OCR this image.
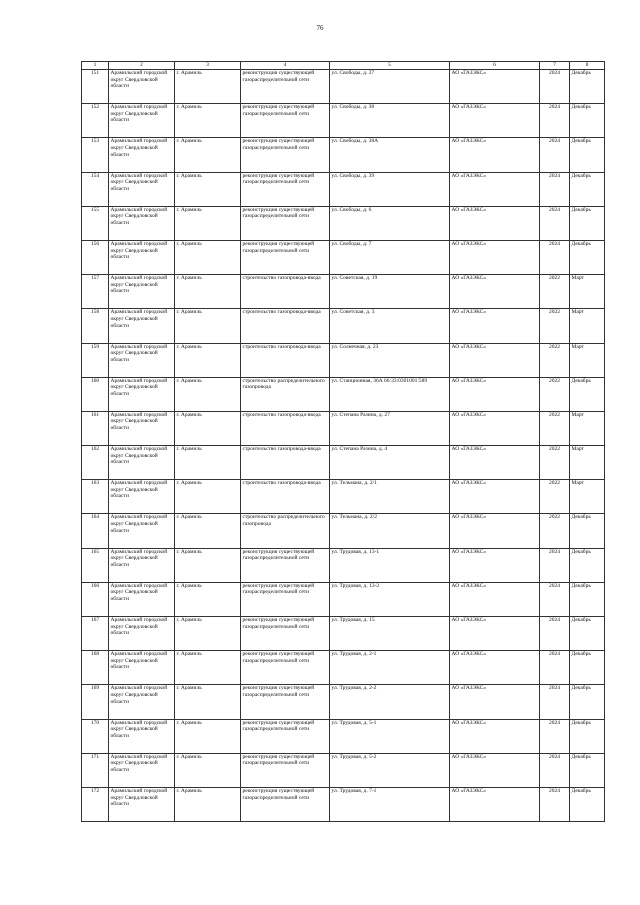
76
1	2	3	4	5	6	7	8
151	Арамильский городской округ Свердловской области	г. Арамиль	реконструкция существующей газораспределительной сети	ул. Свободы, д. 37	АО «ГАЗЭКС»	2024	Декабрь
152	Арамильский городской округ Свердловской области	г. Арамиль	реконструкция существующей газораспределительной сети	ул. Свободы, д. 38	АО «ГАЗЭКС»	2024	Декабрь
153	Арамильский городской округ Свердловской области	г. Арамиль	реконструкция существующей газораспределительной сети	ул. Свободы, д. 38А	АО «ГАЗЭКС»	2024	Декабрь
154	Арамильский городской округ Свердловской области	г. Арамиль	реконструкция существующей газораспределительной сети	ул. Свободы, д. 39	АО «ГАЗЭКС»	2024	Декабрь
155	Арамильский городской округ Свердловской области	г. Арамиль	реконструкция существующей газораспределительной сети	ул. Свободы, д. 6	АО «ГАЗЭКС»	2024	Декабрь
156	Арамильский городской округ Свердловской области	г. Арамиль	реконструкция существующей газораспределительной сети	ул. Свободы, д. 7	АО «ГАЗЭКС»	2024	Декабрь
157	Арамильский городской округ Свердловской области	г. Арамиль	строительство газопровода-ввода	ул. Советская, д. 19	АО «ГАЗЭКС»	2022	Март
158	Арамильский городской округ Свердловской области	г. Арамиль	строительство газопровода-ввода	ул. Советская, д. 3	АО «ГАЗЭКС»	2022	Март
159	Арамильский городской округ Свердловской области	г. Арамиль	строительство газопровода-ввода	ул. Солнечная, д. 23	АО «ГАЗЭКС»	2022	Март
160	Арамильский городской округ Свердловской области	г. Арамиль	строительство распределительного газопровода	ул. Станционная, 36А 66:33:0301001:589	АО «ГАЗЭКС»	2022	Декабрь
161	Арамильский городской округ Свердловской области	г. Арамиль	строительство газопровода-ввода	ул. Степана Разина, д. 27	АО «ГАЗЭКС»	2022	Март
162	Арамильский городской округ Свердловской области	г. Арамиль	строительство газопровода-ввода	ул. Степана Разина, д. 4	АО «ГАЗЭКС»	2022	Март
163	Арамильский городской округ Свердловской области	г. Арамиль	строительство газопровода-ввода	ул. Тельмана, д. 2/1	АО «ГАЗЭКС»	2022	Март
164	Арамильский городской округ Свердловской области	г. Арамиль	строительство распределительного газопровода	ул. Тельмана, д. 2/2	АО «ГАЗЭКС»	2022	Декабрь
165	Арамильский городской округ Свердловской области	г. Арамиль	реконструкция существующей газораспределительной сети	ул. Трудовая, д. 13-1	АО «ГАЗЭКС»	2024	Декабрь
166	Арамильский городской округ Свердловской области	г. Арамиль	реконструкция существующей газораспределительной сети	ул. Трудовая, д. 13-2	АО «ГАЗЭКС»	2024	Декабрь
167	Арамильский городской округ Свердловской области	г. Арамиль	реконструкция существующей газораспределительной сети	ул. Трудовая, д. 15	АО «ГАЗЭКС»	2024	Декабрь
168	Арамильский городской округ Свердловской области	г. Арамиль	реконструкция существующей газораспределительной сети	ул. Трудовая, д. 2-1	АО «ГАЗЭКС»	2024	Декабрь
169	Арамильский городской округ Свердловской области	г. Арамиль	реконструкция существующей газораспределительной сети	ул. Трудовая, д. 2-2	АО «ГАЗЭКС»	2024	Декабрь
170	Арамильский городской округ Свердловской области	г. Арамиль	реконструкция существующей газораспределительной сети	ул. Трудовая, д. 5-1	АО «ГАЗЭКС»	2024	Декабрь
171	Арамильский городской округ Свердловской области	г. Арамиль	реконструкция существующей газораспределительной сети	ул. Трудовая, д. 5-2	АО «ГАЗЭКС»	2024	Декабрь
172	Арамильский городской округ Свердловской области	г. Арамиль	реконструкция существующей газораспределительной сети	ул. Трудовая, д. 7-1	АО «ГАЗЭКС»	2024	Декабрь
